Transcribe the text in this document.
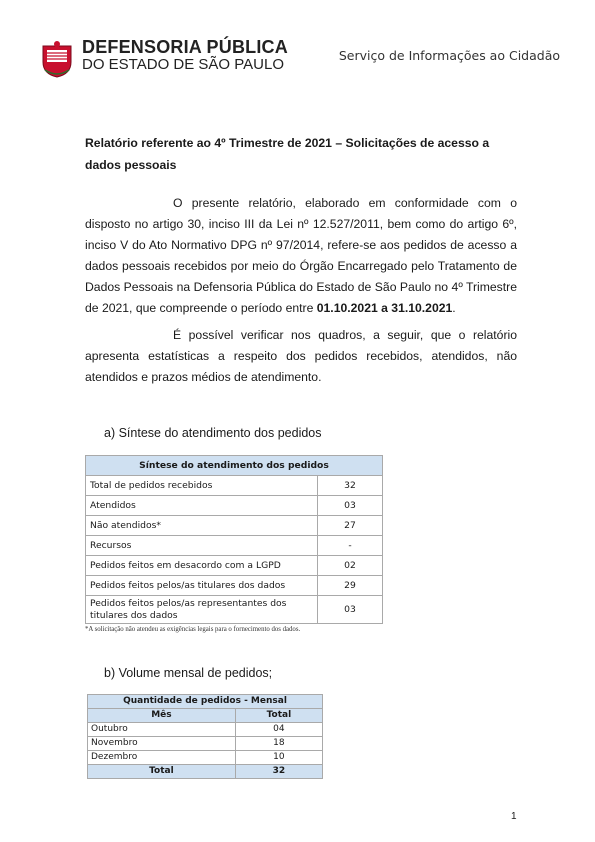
DEFENSORIA PÚBLICA
DO ESTADO DE SÃO PAULO
Serviço de Informações ao Cidadão
Relatório referente ao 4º Trimestre de 2021 – Solicitações de acesso a dados pessoais
O presente relatório, elaborado em conformidade com o disposto no artigo 30, inciso III da Lei nº 12.527/2011, bem como do artigo 6º, inciso V do Ato Normativo DPG nº 97/2014, refere-se aos pedidos de acesso a dados pessoais recebidos por meio do Órgão Encarregado pelo Tratamento de Dados Pessoais na Defensoria Pública do Estado de São Paulo no 4º Trimestre de 2021, que compreende o período entre 01.10.2021 a 31.10.2021.
É possível verificar nos quadros, a seguir, que o relatório apresenta estatísticas a respeito dos pedidos recebidos, atendidos, não atendidos e prazos médios de atendimento.
a) Síntese do atendimento dos pedidos
Síntese do atendimento dos pedidos	
Total de pedidos recebidos	32
Atendidos	03
Não atendidos*	27
Recursos	-
Pedidos feitos em desacordo com a LGPD	02
Pedidos feitos pelos/as titulares dos dados	29
Pedidos feitos pelos/as representantes dos titulares dos dados	03
*A solicitação não atendeu as exigências legais para o fornecimento dos dados.
b) Volume mensal de pedidos;
Quantidade de pedidos - Mensal	
Mês	Total
Outubro	04
Novembro	18
Dezembro	10
Total	32
1
